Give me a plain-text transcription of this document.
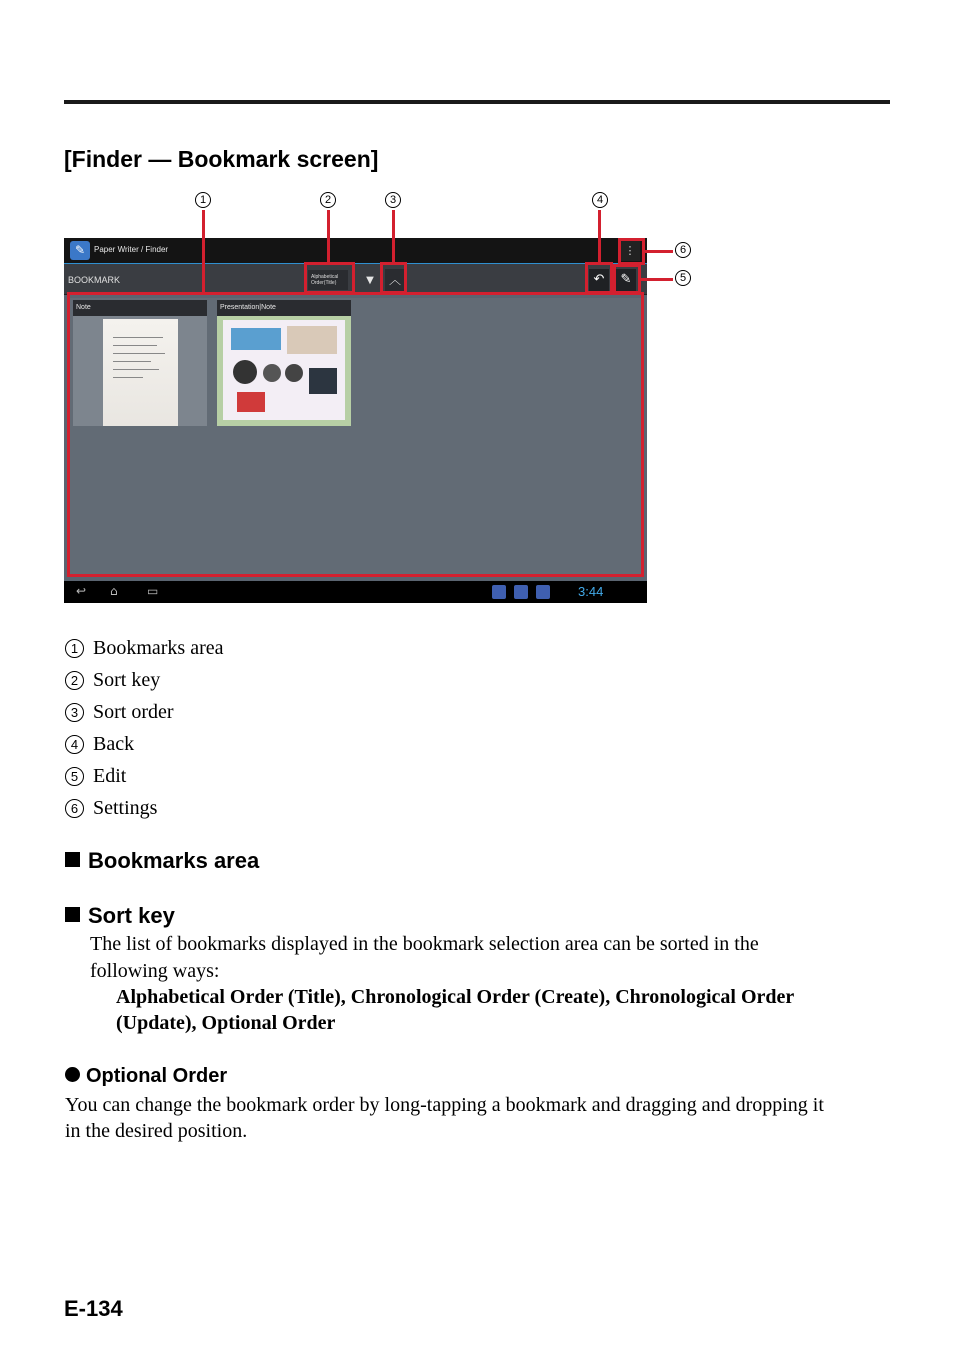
[Finder — Bookmark screen]
1	2	3	4
6
5
✎	Paper Writer / Finder	⋮
BOOKMARK	Alphabetical Order(Title)	▼	︿	↶	✎
Note	Presentation|Note
↩ ⌂ ▭	3:44
1 Bookmarks area
2 Sort key
3 Sort order
4 Back
5 Edit
6 Settings
Bookmarks area
Sort key
The list of bookmarks displayed in the bookmark selection area can be sorted in the
following ways:
Alphabetical Order (Title), Chronological Order (Create), Chronological Order
(Update), Optional Order
Optional Order
You can change the bookmark order by long-tapping a bookmark and dragging and dropping it
in the desired position.
E-134
